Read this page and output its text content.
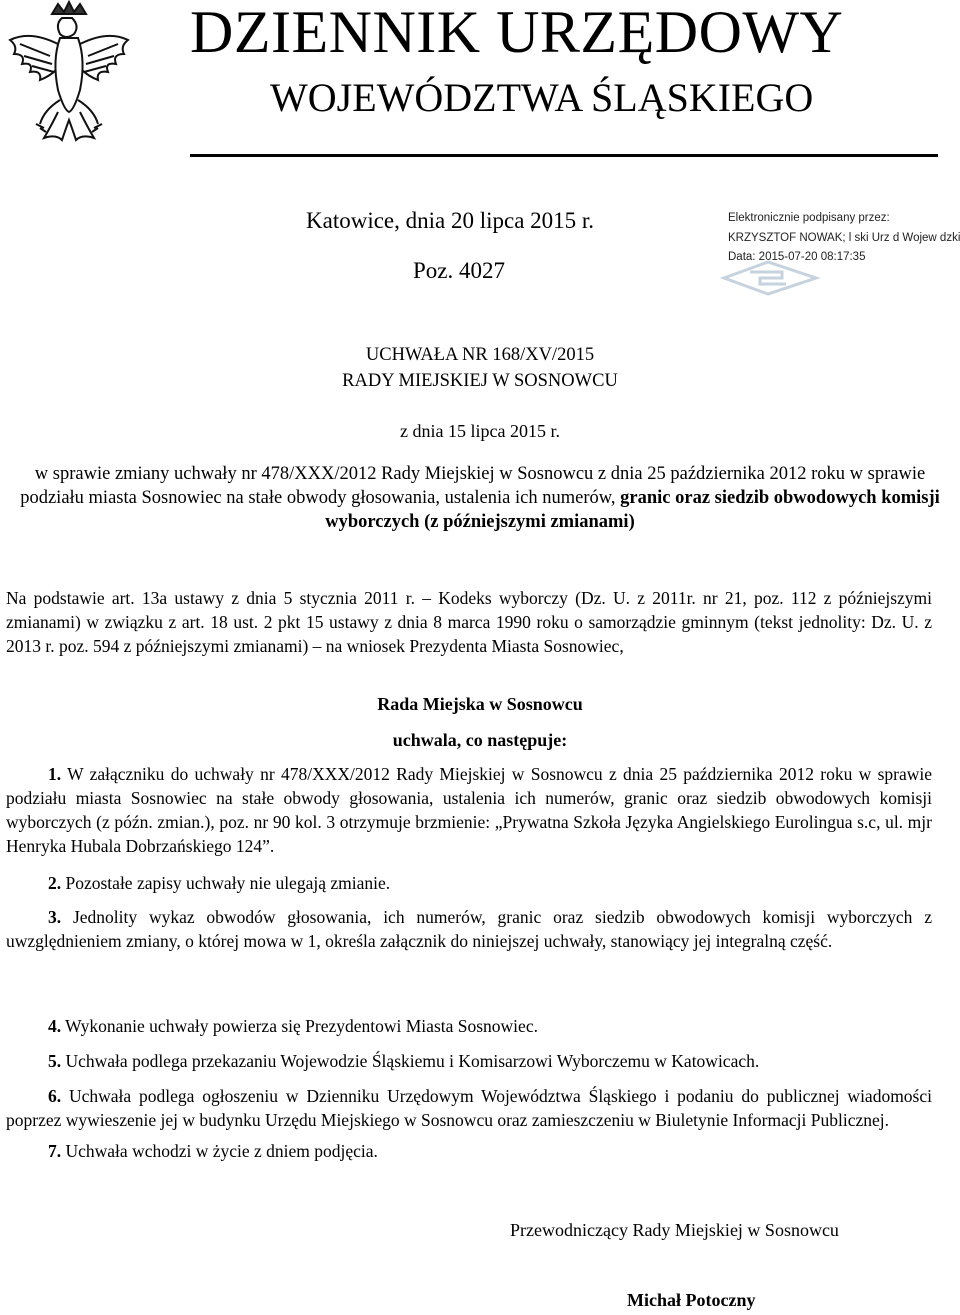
DZIENNIK URZĘDOWY
WOJEWÓDZTWA ŚLĄSKIEGO
Katowice, dnia 20 lipca 2015 r.
Poz. 4027
Elektronicznie podpisany przez:
KRZYSZTOF NOWAK; l ski Urz d Wojew dzki
Data: 2015-07-20 08:17:35
UCHWAŁA NR 168/XV/2015
RADY MIEJSKIEJ W SOSNOWCU
z dnia 15 lipca 2015 r.
w sprawie zmiany uchwały nr 478/XXX/2012 Rady Miejskiej w Sosnowcu z dnia 25 października 2012 roku w sprawie podziału miasta Sosnowiec na stałe obwody głosowania, ustalenia ich numerów, granic oraz siedzib obwodowych komisji wyborczych (z późniejszymi zmianami)
Na podstawie art. 13a ustawy z dnia 5 stycznia 2011 r. – Kodeks wyborczy (Dz. U. z 2011r. nr 21, poz. 112 z późniejszymi zmianami) w związku z art. 18 ust. 2 pkt 15 ustawy z dnia 8 marca 1990 roku o samorządzie gminnym (tekst jednolity: Dz. U. z 2013 r. poz. 594 z późniejszymi zmianami) – na wniosek Prezydenta Miasta Sosnowiec,
Rada Miejska w Sosnowcu
uchwala, co następuje:
1. W załączniku do uchwały nr 478/XXX/2012 Rady Miejskiej w Sosnowcu z dnia 25 października 2012 roku w sprawie podziału miasta Sosnowiec na stałe obwody głosowania, ustalenia ich numerów, granic oraz siedzib obwodowych komisji wyborczych (z późn. zmian.), poz. nr 90 kol. 3 otrzymuje brzmienie: „Prywatna Szkoła Języka Angielskiego Eurolingua s.c, ul. mjr Henryka Hubala Dobrzańskiego 124”.
2. Pozostałe zapisy uchwały nie ulegają zmianie.
3. Jednolity wykaz obwodów głosowania, ich numerów, granic oraz siedzib obwodowych komisji wyborczych z uwzględnieniem zmiany, o której mowa w 1, określa załącznik do niniejszej uchwały, stanowiący jej integralną część.
4. Wykonanie uchwały powierza się Prezydentowi Miasta Sosnowiec.
5. Uchwała podlega przekazaniu Wojewodzie Śląskiemu i Komisarzowi Wyborczemu w Katowicach.
6. Uchwała podlega ogłoszeniu w Dzienniku Urzędowym Województwa Śląskiego i podaniu do publicznej wiadomości poprzez wywieszenie jej w budynku Urzędu Miejskiego w Sosnowcu oraz zamieszczeniu w Biuletynie Informacji Publicznej.
7. Uchwała wchodzi w życie z dniem podjęcia.
Przewodniczący Rady Miejskiej w Sosnowcu
Michał Potoczny
